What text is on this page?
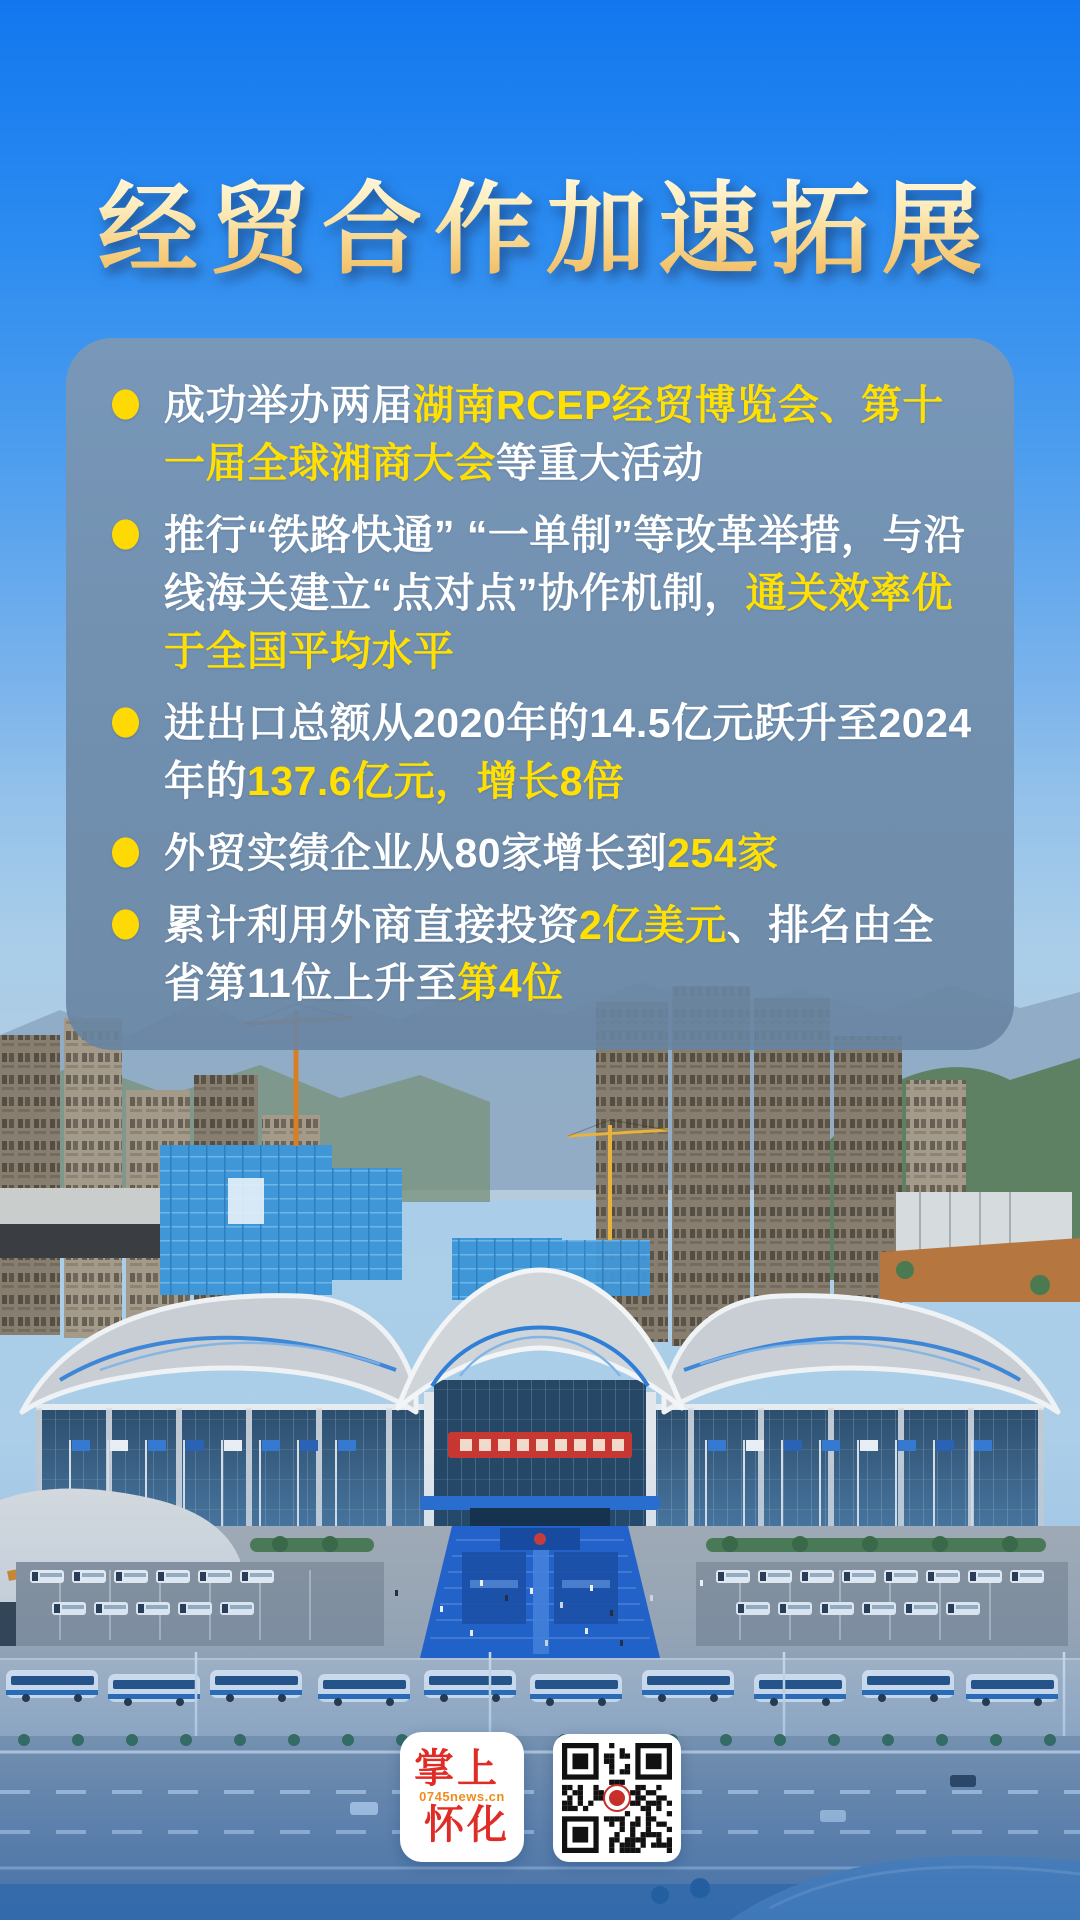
经贸合作加速拓展
成功举办两届湖南RCEP经贸博览会、第十一届全球湘商大会等重大活动
推行“铁路快通” “一单制”等改革举措，与沿线海关建立“点对点”协作机制，通关效率优于全国平均水平
进出口总额从2020年的14.5亿元跃升至2024年的137.6亿元，增长8倍
外贸实绩企业从80家增长到254家
累计利用外商直接投资2亿美元、排名由全省第11位上升至第4位
掌上
0745news.cn
怀化
